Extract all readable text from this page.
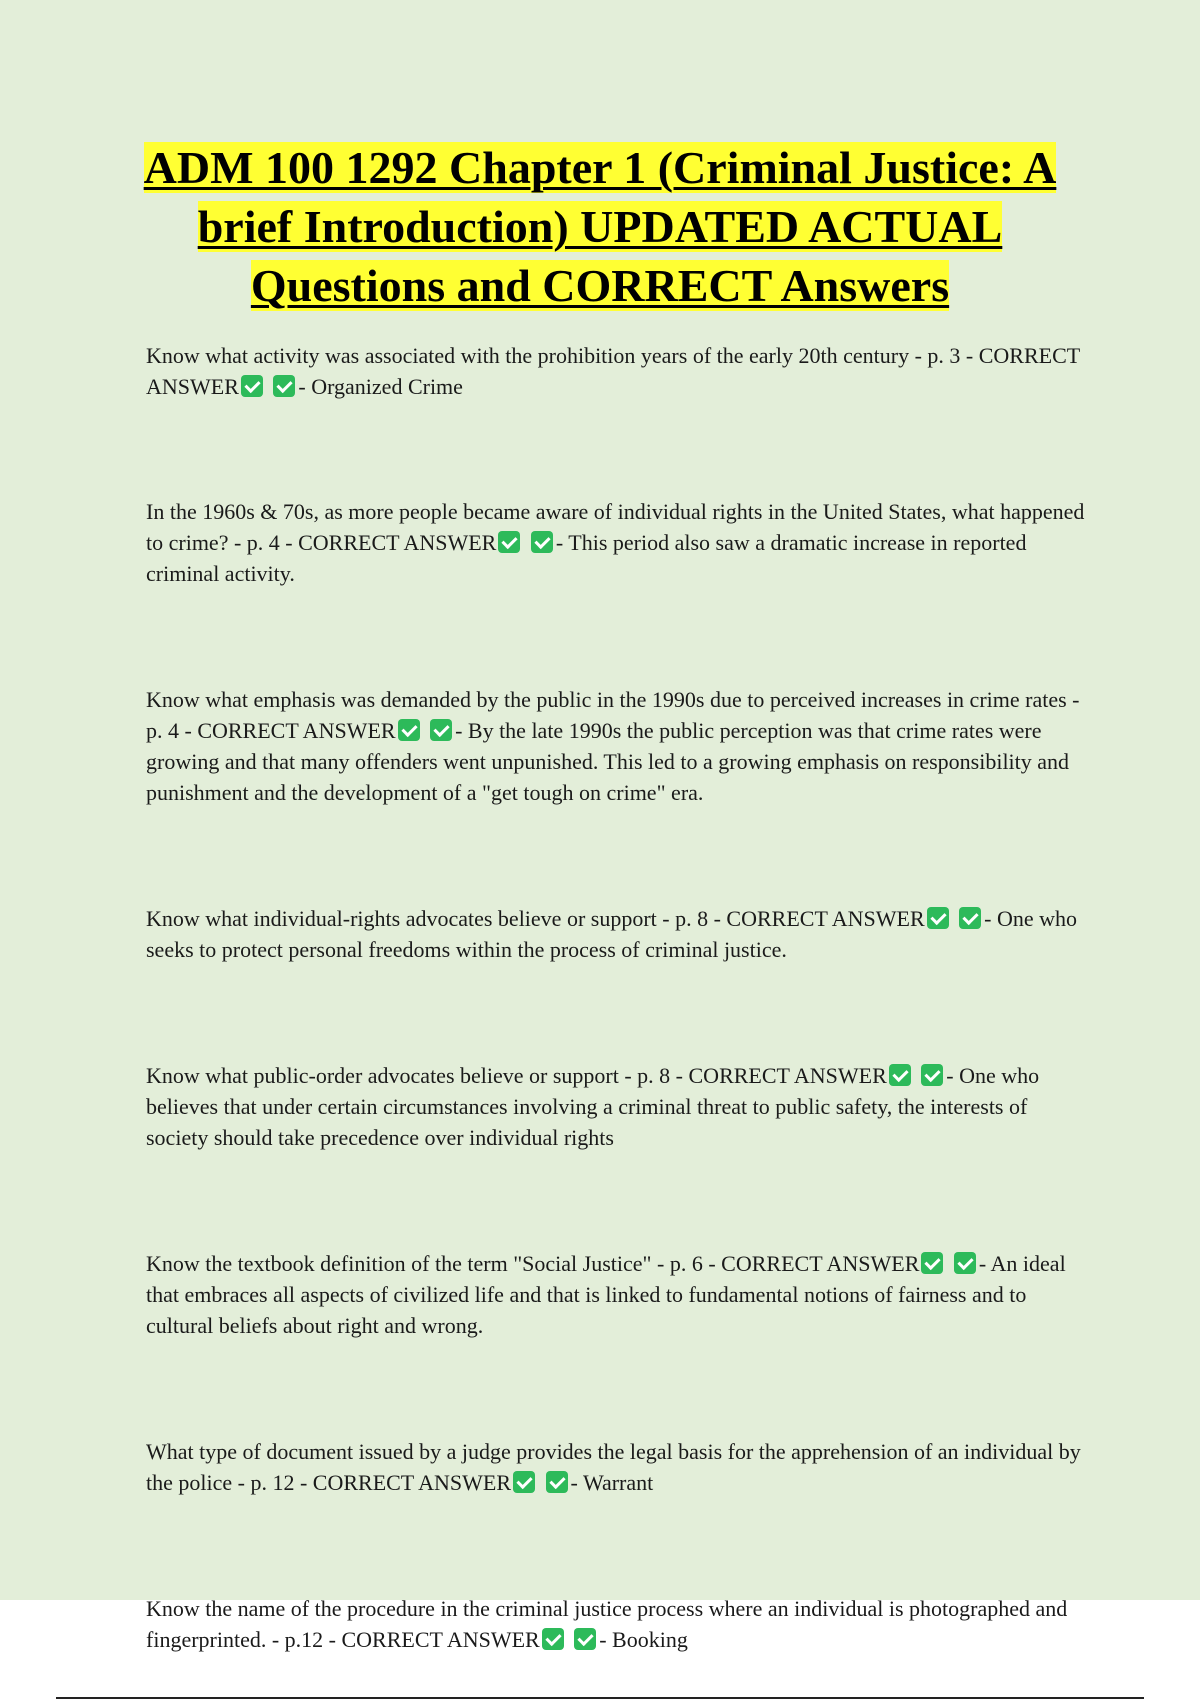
ADM 100 1292 Chapter 1 (Criminal Justice: A brief Introduction) UPDATED ACTUAL Questions and CORRECT Answers

Know what activity was associated with the prohibition years of the early 20th century - p. 3 - CORRECT ANSWER	- Organized Crime

In the 1960s & 70s, as more people became aware of individual rights in the United States, what happened to crime? - p. 4 - CORRECT ANSWER	- This period also saw a dramatic increase in reported criminal activity.

Know what emphasis was demanded by the public in the 1990s due to perceived increases in crime rates - p. 4 - CORRECT ANSWER	- By the late 1990s the public perception was that crime rates were growing and that many offenders went unpunished. This led to a growing emphasis on responsibility and punishment and the development of a "get tough on crime" era.

Know what individual-rights advocates believe or support - p. 8 - CORRECT ANSWER	- One who seeks to protect personal freedoms within the process of criminal justice.

Know what public-order advocates believe or support - p. 8 - CORRECT ANSWER	- One who believes that under certain circumstances involving a criminal threat to public safety, the interests of society should take precedence over individual rights

Know the textbook definition of the term "Social Justice" - p. 6 - CORRECT ANSWER	- An ideal that embraces all aspects of civilized life and that is linked to fundamental notions of fairness and to cultural beliefs about right and wrong.

What type of document issued by a judge provides the legal basis for the apprehension of an individual by the police - p. 12 - CORRECT ANSWER	- Warrant

Know the name of the procedure in the criminal justice process where an individual is photographed and fingerprinted. - p.12 - CORRECT ANSWER	- Booking
